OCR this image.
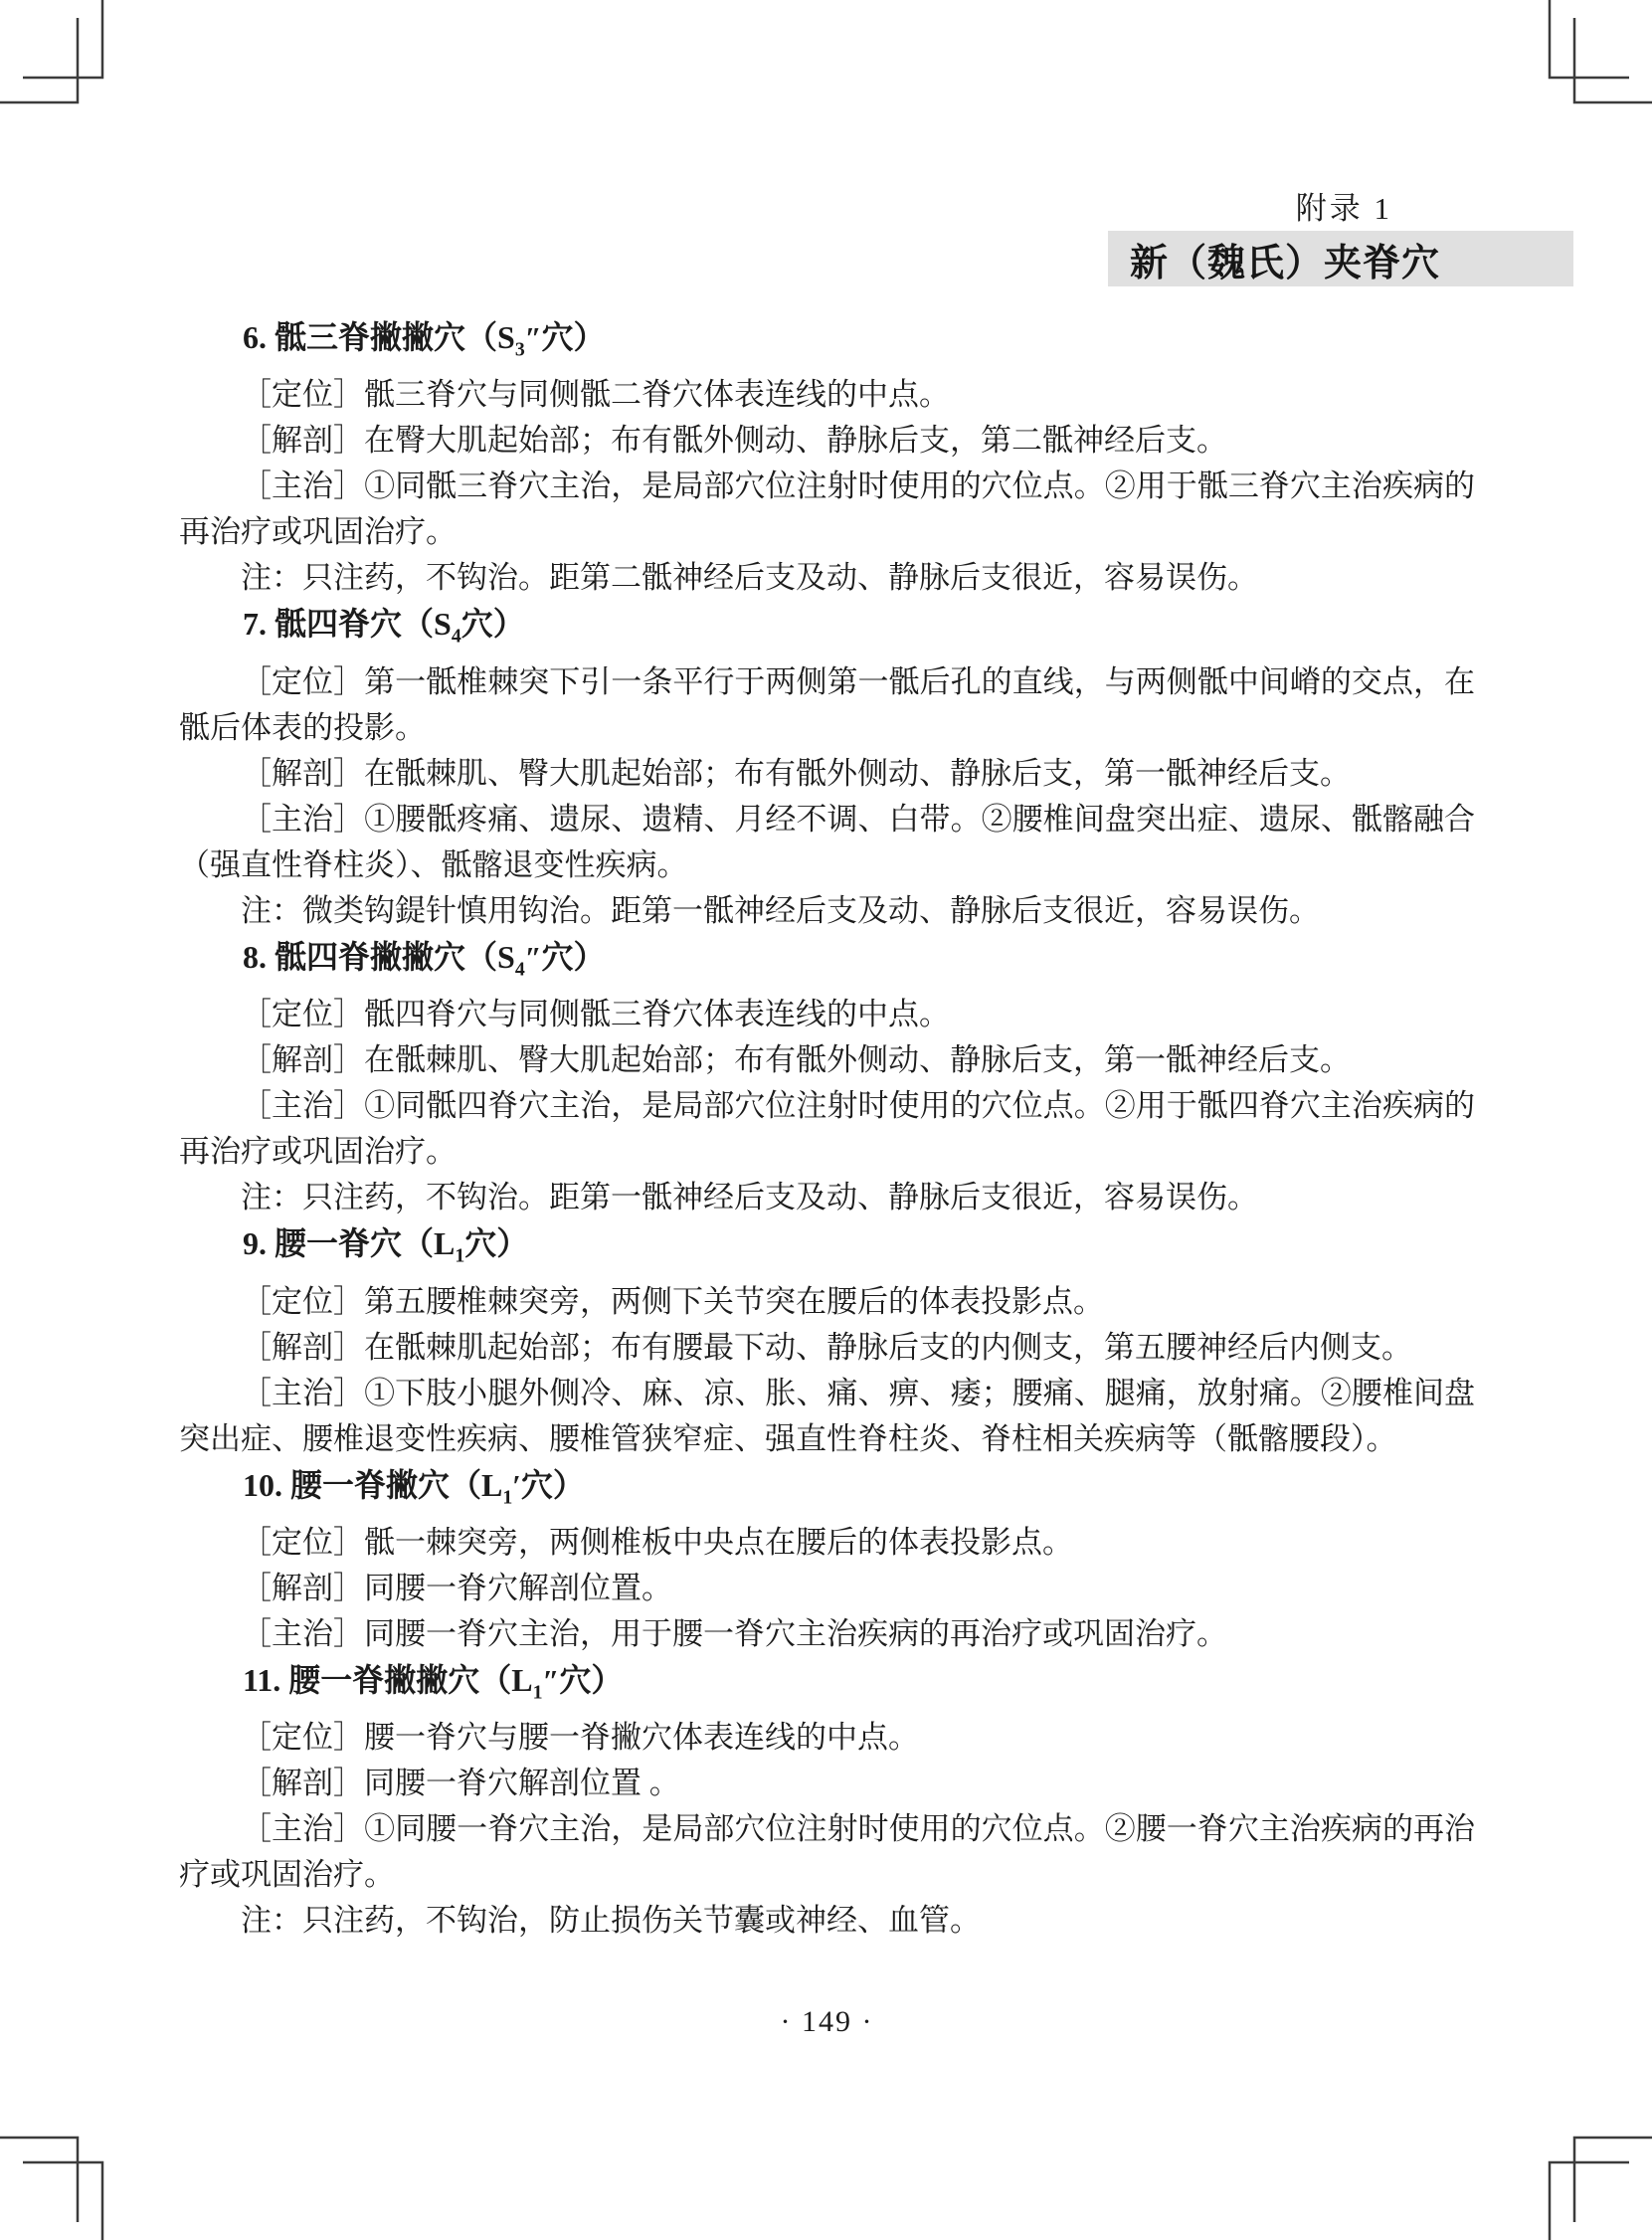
附录 1
新（魏氏）夹脊穴
6. 骶三脊撇撇穴（$S_3''$穴）

［定位］骶三脊穴与同侧骶二脊穴体表连线的中点。

［解剖］在臀大肌起始部；布有骶外侧动、静脉后支，第二骶神经后支。

［主治］①同骶三脊穴主治，是局部穴位注射时使用的穴位点。②用于骶三脊穴主治疾病的再治疗或巩固治疗。

注：只注药，不钩治。距第二骶神经后支及动、静脉后支很近，容易误伤。

7. 骶四脊穴（$S_4$穴）

［定位］第一骶椎棘突下引一条平行于两侧第一骶后孔的直线，与两侧骶中间嵴的交点，在骶后体表的投影。

［解剖］在骶棘肌、臀大肌起始部；布有骶外侧动、静脉后支，第一骶神经后支。

［主治］①腰骶疼痛、遗尿、遗精、月经不调、白带。②腰椎间盘突出症、遗尿、骶髂融合（强直性脊柱炎）、骶髂退变性疾病。

注：微类钩鍉针慎用钩治。距第一骶神经后支及动、静脉后支很近，容易误伤。

8. 骶四脊撇撇穴（$S_4''$穴）

［定位］骶四脊穴与同侧骶三脊穴体表连线的中点。

［解剖］在骶棘肌、臀大肌起始部；布有骶外侧动、静脉后支，第一骶神经后支。

［主治］①同骶四脊穴主治，是局部穴位注射时使用的穴位点。②用于骶四脊穴主治疾病的再治疗或巩固治疗。

注：只注药，不钩治。距第一骶神经后支及动、静脉后支很近，容易误伤。

9. 腰一脊穴（$L_1$穴）

［定位］第五腰椎棘突旁，两侧下关节突在腰后的体表投影点。

［解剖］在骶棘肌起始部；布有腰最下动、静脉后支的内侧支，第五腰神经后内侧支。

［主治］①下肢小腿外侧冷、麻、凉、胀、痛、痹、痿；腰痛、腿痛，放射痛。②腰椎间盘突出症、腰椎退变性疾病、腰椎管狭窄症、强直性脊柱炎、脊柱相关疾病等（骶髂腰段）。

10. 腰一脊撇穴（$L_1'$穴）

［定位］骶一棘突旁，两侧椎板中央点在腰后的体表投影点。

［解剖］同腰一脊穴解剖位置。

［主治］同腰一脊穴主治，用于腰一脊穴主治疾病的再治疗或巩固治疗。

11. 腰一脊撇撇穴（$L_1''$穴）

［定位］腰一脊穴与腰一脊撇穴体表连线的中点。

［解剖］同腰一脊穴解剖位置 。

［主治］①同腰一脊穴主治，是局部穴位注射时使用的穴位点。②腰一脊穴主治疾病的再治疗或巩固治疗。

注：只注药，不钩治，防止损伤关节囊或神经、血管。

· 149 ·
